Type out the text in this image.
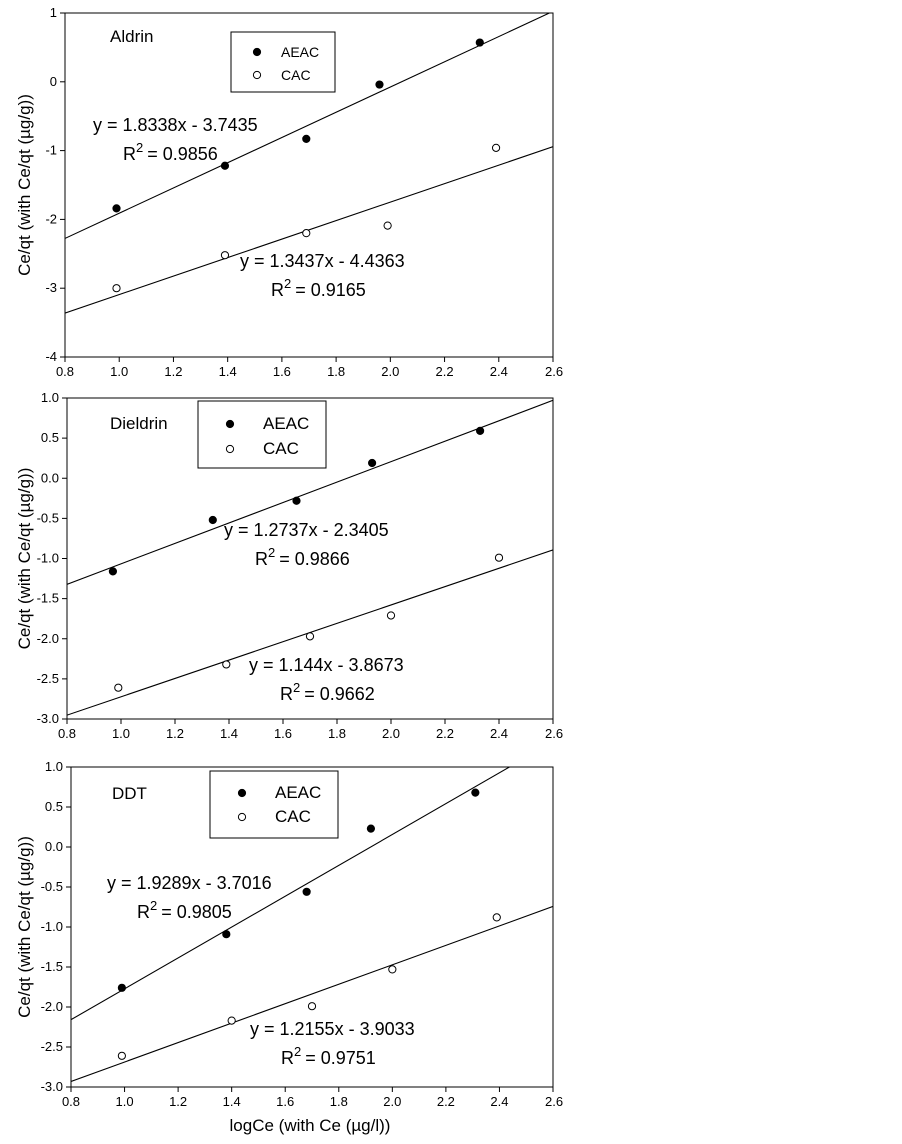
0.8	1.0	1.2	1.4	1.6	1.8	2.0	2.2	2.4	2.6
-4
-3
-2
-1
0
1
Ce/qt (with Ce/qt (µg/g))
Aldrin
AEAC
CAC
y = 1.8338x - 3.7435
$R^2 = 0.9856$
y = 1.3437x - 4.4363
$R^2 = 0.9165$
0.8	1.0	1.2	1.4	1.6	1.8	2.0	2.2	2.4	2.6
-3.0
-2.5
-2.0
-1.5
-1.0
-0.5
0.0
0.5
1.0
Ce/qt (with Ce/qt (µg/g))
Dieldrin	AEAC
CAC
y = 1.2737x - 2.3405
$R^2 = 0.9866$
y = 1.144x - 3.8673
$R^2 = 0.9662$
0.8	1.0	1.2	1.4	1.6	1.8	2.0	2.2	2.4	2.6
-3.0
-2.5
-2.0
-1.5
-1.0
-0.5
0.0
0.5
1.0
Ce/qt (with Ce/qt (µg/g))
logCe (with Ce (µg/l))
DDT	AEAC
CAC
y = 1.9289x - 3.7016
$R^2 = 0.9805$
y = 1.2155x - 3.9033
$R^2 = 0.9751$
